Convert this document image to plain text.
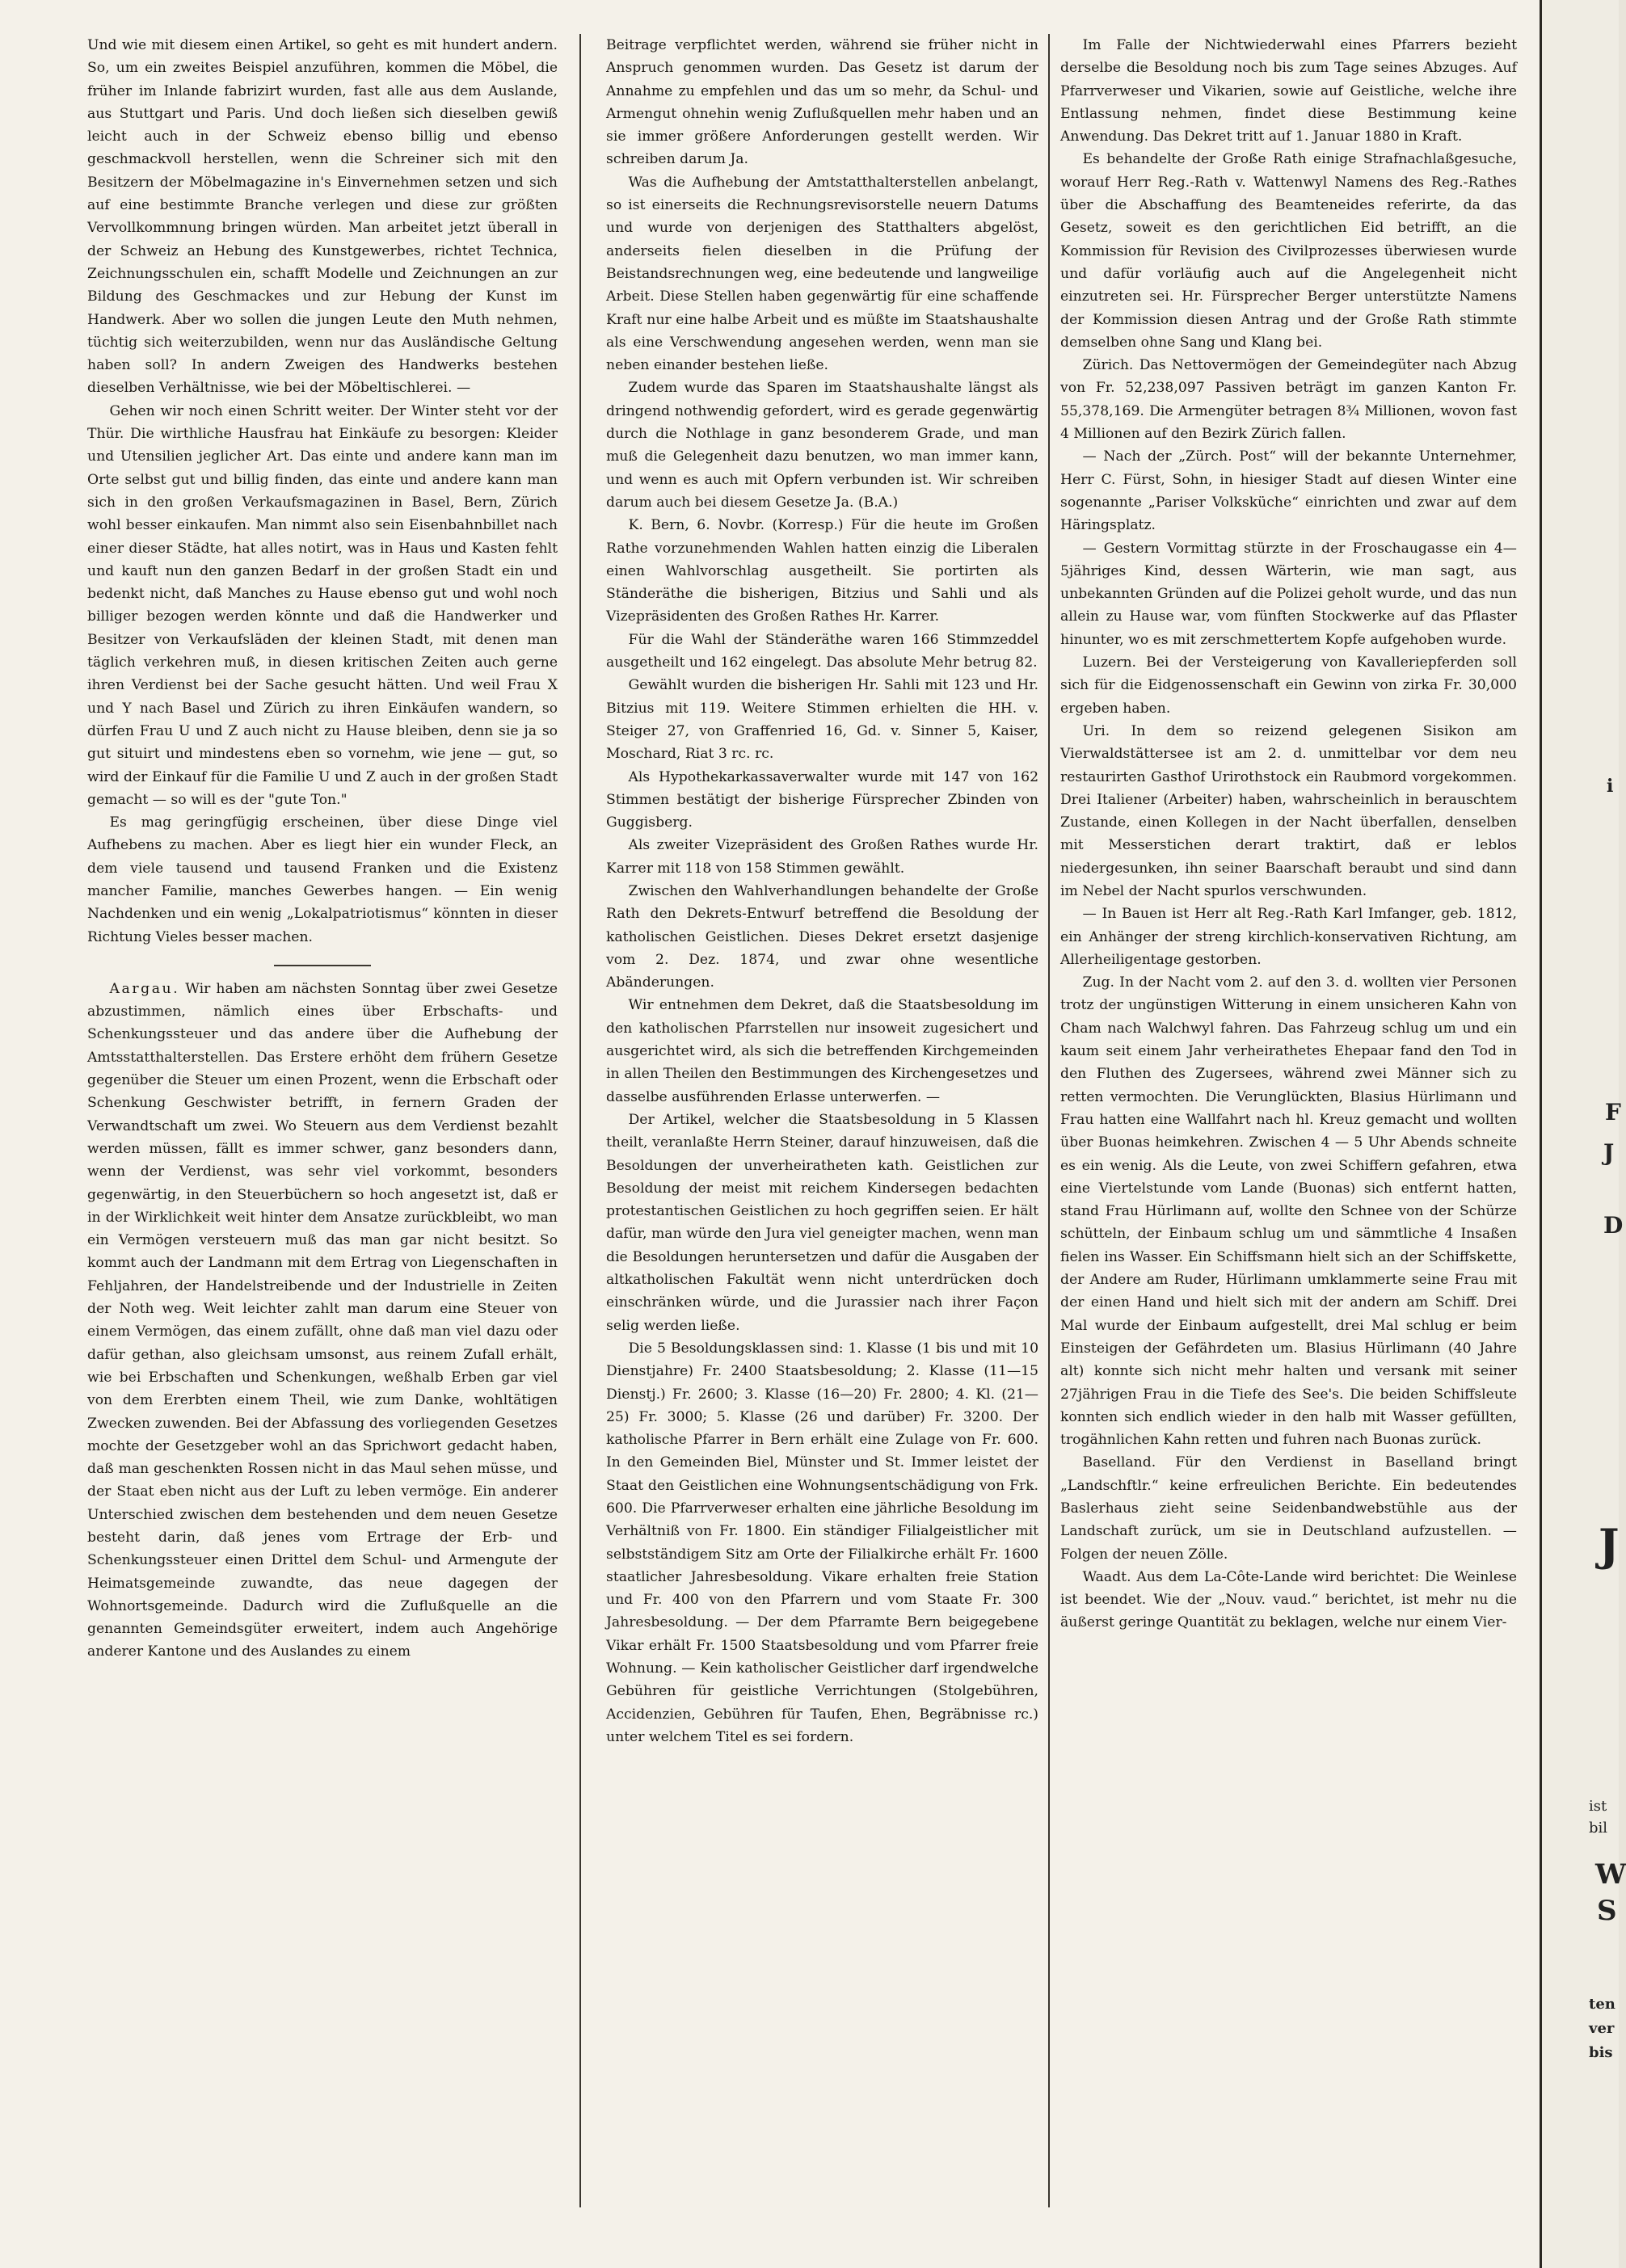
Und wie mit diesem einen Artikel, so geht es mit hundert andern. So, um ein zweites Beispiel anzuführen, kommen die Möbel, die früher im Inlande fabrizirt wurden, fast alle aus dem Auslande, aus Stuttgart und Paris. Und doch ließen sich dieselben gewiß leicht auch in der Schweiz ebenso billig und ebenso geschmackvoll herstellen, wenn die Schreiner sich mit den Besitzern der Möbelmagazine in's Einvernehmen setzen und sich auf eine bestimmte Branche verlegen und diese zur größten Vervollkommnung bringen würden. Man arbeitet jetzt überall in der Schweiz an Hebung des Kunstgewerbes, richtet Technica, Zeichnungsschulen ein, schafft Modelle und Zeichnungen an zur Bildung des Geschmackes und zur Hebung der Kunst im Handwerk. Aber wo sollen die jungen Leute den Muth nehmen, tüchtig sich weiterzubilden, wenn nur das Ausländische Geltung haben soll? In andern Zweigen des Handwerks bestehen dieselben Verhältnisse, wie bei der Möbeltischlerei. —

Gehen wir noch einen Schritt weiter. Der Winter steht vor der Thür. Die wirthliche Hausfrau hat Einkäufe zu besorgen: Kleider und Utensilien jeglicher Art. Das einte und andere kann man im Orte selbst gut und billig finden, das einte und andere kann man sich in den großen Verkaufsmagazinen in Basel, Bern, Zürich wohl besser einkaufen. Man nimmt also sein Eisenbahnbillet nach einer dieser Städte, hat alles notirt, was in Haus und Kasten fehlt und kauft nun den ganzen Bedarf in der großen Stadt ein und bedenkt nicht, daß Manches zu Hause ebenso gut und wohl noch billiger bezogen werden könnte und daß die Handwerker und Besitzer von Verkaufsläden der kleinen Stadt, mit denen man täglich verkehren muß, in diesen kritischen Zeiten auch gerne ihren Verdienst bei der Sache gesucht hätten. Und weil Frau X und Y nach Basel und Zürich zu ihren Einkäufen wandern, so dürfen Frau U und Z auch nicht zu Hause bleiben, denn sie ja so gut situirt und mindestens eben so vornehm, wie jene — gut, so wird der Einkauf für die Familie U und Z auch in der großen Stadt gemacht — so will es der "gute Ton."

Es mag geringfügig erscheinen, über diese Dinge viel Aufhebens zu machen. Aber es liegt hier ein wunder Fleck, an dem viele tausend und tausend Franken und die Existenz mancher Familie, manches Gewerbes hangen. — Ein wenig Nachdenken und ein wenig „Lokalpatriotismus“ könnten in dieser Richtung Vieles besser machen.

Aargau. Wir haben am nächsten Sonntag über zwei Gesetze abzustimmen, nämlich eines über Erbschafts- und Schenkungssteuer und das andere über die Aufhebung der Amtsstatthalterstellen. Das Erstere erhöht dem frühern Gesetze gegenüber die Steuer um einen Prozent, wenn die Erbschaft oder Schenkung Geschwister betrifft, in fernern Graden der Verwandtschaft um zwei. Wo Steuern aus dem Verdienst bezahlt werden müssen, fällt es immer schwer, ganz besonders dann, wenn der Verdienst, was sehr viel vorkommt, besonders gegenwärtig, in den Steuerbüchern so hoch angesetzt ist, daß er in der Wirklichkeit weit hinter dem Ansatze zurückbleibt, wo man ein Vermögen versteuern muß das man gar nicht besitzt. So kommt auch der Landmann mit dem Ertrag von Liegenschaften in Fehljahren, der Handelstreibende und der Industrielle in Zeiten der Noth weg. Weit leichter zahlt man darum eine Steuer von einem Vermögen, das einem zufällt, ohne daß man viel dazu oder dafür gethan, also gleichsam umsonst, aus reinem Zufall erhält, wie bei Erbschaften und Schenkungen, weßhalb Erben gar viel von dem Ererbten einem Theil, wie zum Danke, wohltätigen Zwecken zuwenden. Bei der Abfassung des vorliegenden Gesetzes mochte der Gesetzgeber wohl an das Sprichwort gedacht haben, daß man geschenkten Rossen nicht in das Maul sehen müsse, und der Staat eben nicht aus der Luft zu leben vermöge. Ein anderer Unterschied zwischen dem bestehenden und dem neuen Gesetze besteht darin, daß jenes vom Ertrage der Erb- und Schenkungssteuer einen Drittel dem Schul- und Armengute der Heimatsgemeinde zuwandte, das neue dagegen der Wohnortsgemeinde. Dadurch wird die Zuflußquelle an die genannten Gemeindsgüter erweitert, indem auch Angehörige anderer Kantone und des Auslandes zu einem

Beitrage verpflichtet werden, während sie früher nicht in Anspruch genommen wurden. Das Gesetz ist darum der Annahme zu empfehlen und das um so mehr, da Schul- und Armengut ohnehin wenig Zuflußquellen mehr haben und an sie immer größere Anforderungen gestellt werden. Wir schreiben darum Ja.

Was die Aufhebung der Amtstatthalterstellen anbelangt, so ist einerseits die Rechnungsrevisorstelle neuern Datums und wurde von derjenigen des Statthalters abgelöst, anderseits fielen dieselben in die Prüfung der Beistandsrechnungen weg, eine bedeutende und langweilige Arbeit. Diese Stellen haben gegenwärtig für eine schaffende Kraft nur eine halbe Arbeit und es müßte im Staatshaushalte als eine Verschwendung angesehen werden, wenn man sie neben einander bestehen ließe.

Zudem wurde das Sparen im Staatshaushalte längst als dringend nothwendig gefordert, wird es gerade gegenwärtig durch die Nothlage in ganz besonderem Grade, und man muß die Gelegenheit dazu benutzen, wo man immer kann, und wenn es auch mit Opfern verbunden ist. Wir schreiben darum auch bei diesem Gesetze Ja. (B.A.)

K. Bern, 6. Novbr. (Korresp.) Für die heute im Großen Rathe vorzunehmenden Wahlen hatten einzig die Liberalen einen Wahlvorschlag ausgetheilt. Sie portirten als Ständeräthe die bisherigen, Bitzius und Sahli und als Vizepräsidenten des Großen Rathes Hr. Karrer.

Für die Wahl der Ständeräthe waren 166 Stimmzeddel ausgetheilt und 162 eingelegt. Das absolute Mehr betrug 82.

Gewählt wurden die bisherigen Hr. Sahli mit 123 und Hr. Bitzius mit 119. Weitere Stimmen erhielten die HH. v. Steiger 27, von Graffenried 16, Gd. v. Sinner 5, Kaiser, Moschard, Riat 3 rc. rc.

Als Hypothekarkassaverwalter wurde mit 147 von 162 Stimmen bestätigt der bisherige Fürsprecher Zbinden von Guggisberg.

Als zweiter Vizepräsident des Großen Rathes wurde Hr. Karrer mit 118 von 158 Stimmen gewählt.

Zwischen den Wahlverhandlungen behandelte der Große Rath den Dekrets-Entwurf betreffend die Besoldung der katholischen Geistlichen. Dieses Dekret ersetzt dasjenige vom 2. Dez. 1874, und zwar ohne wesentliche Abänderungen.

Wir entnehmen dem Dekret, daß die Staatsbesoldung im den katholischen Pfarrstellen nur insoweit zugesichert und ausgerichtet wird, als sich die betreffenden Kirchgemeinden in allen Theilen den Bestimmungen des Kirchengesetzes und dasselbe ausführenden Erlasse unterwerfen. —

Der Artikel, welcher die Staatsbesoldung in 5 Klassen theilt, veranlaßte Herrn Steiner, darauf hinzuweisen, daß die Besoldungen der unverheiratheten kath. Geistlichen zur Besoldung der meist mit reichem Kindersegen bedachten protestantischen Geistlichen zu hoch gegriffen seien. Er hält dafür, man würde den Jura viel geneigter machen, wenn man die Besoldungen heruntersetzen und dafür die Ausgaben der altkatholischen Fakultät wenn nicht unterdrücken doch einschränken würde, und die Jurassier nach ihrer Façon selig werden ließe.

Die 5 Besoldungsklassen sind: 1. Klasse (1 bis und mit 10 Dienstjahre) Fr. 2400 Staatsbesoldung; 2. Klasse (11—15 Dienstj.) Fr. 2600; 3. Klasse (16—20) Fr. 2800; 4. Kl. (21—25) Fr. 3000; 5. Klasse (26 und darüber) Fr. 3200. Der katholische Pfarrer in Bern erhält eine Zulage von Fr. 600. In den Gemeinden Biel, Münster und St. Immer leistet der Staat den Geistlichen eine Wohnungsentschädigung von Frk. 600. Die Pfarrverweser erhalten eine jährliche Besoldung im Verhältniß von Fr. 1800. Ein ständiger Filialgeistlicher mit selbstständigem Sitz am Orte der Filialkirche erhält Fr. 1600 staatlicher Jahresbesoldung. Vikare erhalten freie Station und Fr. 400 von den Pfarrern und vom Staate Fr. 300 Jahresbesoldung. — Der dem Pfarramte Bern beigegebene Vikar erhält Fr. 1500 Staatsbesoldung und vom Pfarrer freie Wohnung. — Kein katholischer Geistlicher darf irgendwelche Gebühren für geistliche Verrichtungen (Stolgebühren, Accidenzien, Gebühren für Taufen, Ehen, Begräbnisse rc.) unter welchem Titel es sei fordern.

Im Falle der Nichtwiederwahl eines Pfarrers bezieht derselbe die Besoldung noch bis zum Tage seines Abzuges. Auf Pfarrverweser und Vikarien, sowie auf Geistliche, welche ihre Entlassung nehmen, findet diese Bestimmung keine Anwendung. Das Dekret tritt auf 1. Januar 1880 in Kraft.

Es behandelte der Große Rath einige Strafnachlaßgesuche, worauf Herr Reg.-Rath v. Wattenwyl Namens des Reg.-Rathes über die Abschaffung des Beamteneides referirte, da das Gesetz, soweit es den gerichtlichen Eid betrifft, an die Kommission für Revision des Civilprozesses überwiesen wurde und dafür vorläufig auch auf die Angelegenheit nicht einzutreten sei. Hr. Fürsprecher Berger unterstützte Namens der Kommission diesen Antrag und der Große Rath stimmte demselben ohne Sang und Klang bei.

Zürich. Das Nettovermögen der Gemeindegüter nach Abzug von Fr. 52,238,097 Passiven beträgt im ganzen Kanton Fr. 55,378,169. Die Armengüter betragen 8¾ Millionen, wovon fast 4 Millionen auf den Bezirk Zürich fallen.

— Nach der „Zürch. Post“ will der bekannte Unternehmer, Herr C. Fürst, Sohn, in hiesiger Stadt auf diesen Winter eine sogenannte „Pariser Volksküche“ einrichten und zwar auf dem Häringsplatz.

— Gestern Vormittag stürzte in der Froschaugasse ein 4—5jähriges Kind, dessen Wärterin, wie man sagt, aus unbekannten Gründen auf die Polizei geholt wurde, und das nun allein zu Hause war, vom fünften Stockwerke auf das Pflaster hinunter, wo es mit zerschmettertem Kopfe aufgehoben wurde.

Luzern. Bei der Versteigerung von Kavalleriepferden soll sich für die Eidgenossenschaft ein Gewinn von zirka Fr. 30,000 ergeben haben.

Uri. In dem so reizend gelegenen Sisikon am Vierwaldstättersee ist am 2. d. unmittelbar vor dem neu restaurirten Gasthof Urirothstock ein Raubmord vorgekommen. Drei Italiener (Arbeiter) haben, wahrscheinlich in berauschtem Zustande, einen Kollegen in der Nacht überfallen, denselben mit Messerstichen derart traktirt, daß er leblos niedergesunken, ihn seiner Baarschaft beraubt und sind dann im Nebel der Nacht spurlos verschwunden.

— In Bauen ist Herr alt Reg.-Rath Karl Imfanger, geb. 1812, ein Anhänger der streng kirchlich-konservativen Richtung, am Allerheiligentage gestorben.

Zug. In der Nacht vom 2. auf den 3. d. wollten vier Personen trotz der ungünstigen Witterung in einem unsicheren Kahn von Cham nach Walchwyl fahren. Das Fahrzeug schlug um und ein kaum seit einem Jahr verheirathetes Ehepaar fand den Tod in den Fluthen des Zugersees, während zwei Männer sich zu retten vermochten. Die Verunglückten, Blasius Hürlimann und Frau hatten eine Wallfahrt nach hl. Kreuz gemacht und wollten über Buonas heimkehren. Zwischen 4 — 5 Uhr Abends schneite es ein wenig. Als die Leute, von zwei Schiffern gefahren, etwa eine Viertelstunde vom Lande (Buonas) sich entfernt hatten, stand Frau Hürlimann auf, wollte den Schnee von der Schürze schütteln, der Einbaum schlug um und sämmtliche 4 Insaßen fielen ins Wasser. Ein Schiffsmann hielt sich an der Schiffskette, der Andere am Ruder, Hürlimann umklammerte seine Frau mit der einen Hand und hielt sich mit der andern am Schiff. Drei Mal wurde der Einbaum aufgestellt, drei Mal schlug er beim Einsteigen der Gefährdeten um. Blasius Hürlimann (40 Jahre alt) konnte sich nicht mehr halten und versank mit seiner 27jährigen Frau in die Tiefe des See's. Die beiden Schiffsleute konnten sich endlich wieder in den halb mit Wasser gefüllten, trogähnlichen Kahn retten und fuhren nach Buonas zurück.

Baselland. Für den Verdienst in Baselland bringt „Landschftlr.“ keine erfreulichen Berichte. Ein bedeutendes Baslerhaus zieht seine Seidenbandwebstühle aus der Landschaft zurück, um sie in Deutschland aufzustellen. — Folgen der neuen Zölle.

Waadt. Aus dem La-Côte-Lande wird berichtet: Die Weinlese ist beendet. Wie der „Nouv. vaud.“ berichtet, ist mehr nu die äußerst geringe Quantität zu beklagen, welche nur einem Vier-

i
F
J
D
J
W
S
ist
bil
ten
ver
bis
